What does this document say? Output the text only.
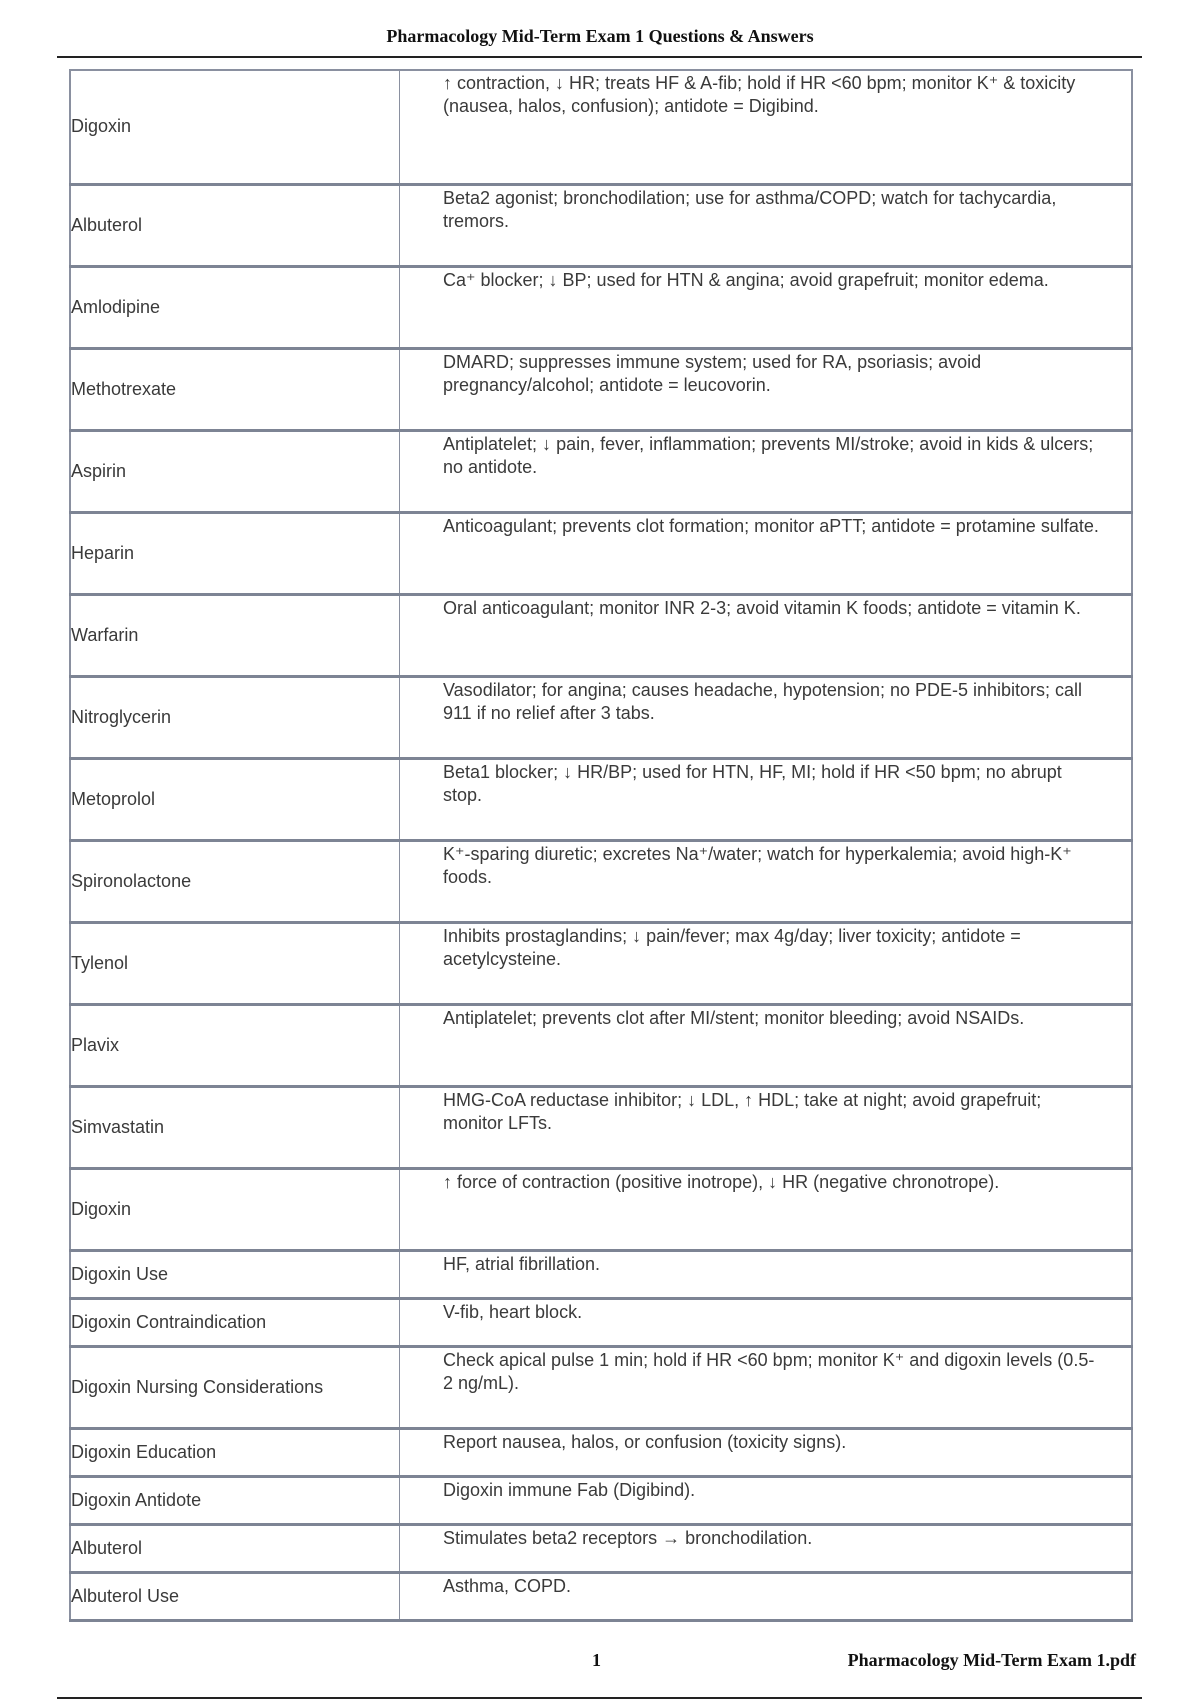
Pharmacology Mid-Term Exam 1 Questions & Answers
Digoxin	↑ contraction, ↓ HR; treats HF & A-fib; hold if HR <60 bpm; monitor K⁺ & toxicity (nausea, halos, confusion); antidote = Digibind.
Albuterol	Beta2 agonist; bronchodilation; use for asthma/COPD; watch for tachycardia, tremors.
Amlodipine	Ca⁺ blocker; ↓ BP; used for HTN & angina; avoid grapefruit; monitor edema.
Methotrexate	DMARD; suppresses immune system; used for RA, psoriasis; avoid pregnancy/alcohol; antidote = leucovorin.
Aspirin	Antiplatelet; ↓ pain, fever, inflammation; prevents MI/stroke; avoid in kids & ulcers; no antidote.
Heparin	Anticoagulant; prevents clot formation; monitor aPTT; antidote = protamine sulfate.
Warfarin	Oral anticoagulant; monitor INR 2-3; avoid vitamin K foods; antidote = vitamin K.
Nitroglycerin	Vasodilator; for angina; causes headache, hypotension; no PDE-5 inhibitors; call 911 if no relief after 3 tabs.
Metoprolol	Beta1 blocker; ↓ HR/BP; used for HTN, HF, MI; hold if HR <50 bpm; no abrupt stop.
Spironolactone	K⁺-sparing diuretic; excretes Na⁺/water; watch for hyperkalemia; avoid high-K⁺ foods.
Tylenol	Inhibits prostaglandins; ↓ pain/fever; max 4g/day; liver toxicity; antidote = acetylcysteine.
Plavix	Antiplatelet; prevents clot after MI/stent; monitor bleeding; avoid NSAIDs.
Simvastatin	HMG-CoA reductase inhibitor; ↓ LDL, ↑ HDL; take at night; avoid grapefruit; monitor LFTs.
Digoxin	↑ force of contraction (positive inotrope), ↓ HR (negative chronotrope).
Digoxin Use	HF, atrial fibrillation.
Digoxin Contraindication	V-fib, heart block.
Digoxin Nursing Considerations	Check apical pulse 1 min; hold if HR <60 bpm; monitor K⁺ and digoxin levels (0.5-2 ng/mL).
Digoxin Education	Report nausea, halos, or confusion (toxicity signs).
Digoxin Antidote	Digoxin immune Fab (Digibind).
Albuterol	Stimulates beta2 receptors → bronchodilation.
Albuterol Use	Asthma, COPD.
1	Pharmacology Mid-Term Exam 1.pdf
